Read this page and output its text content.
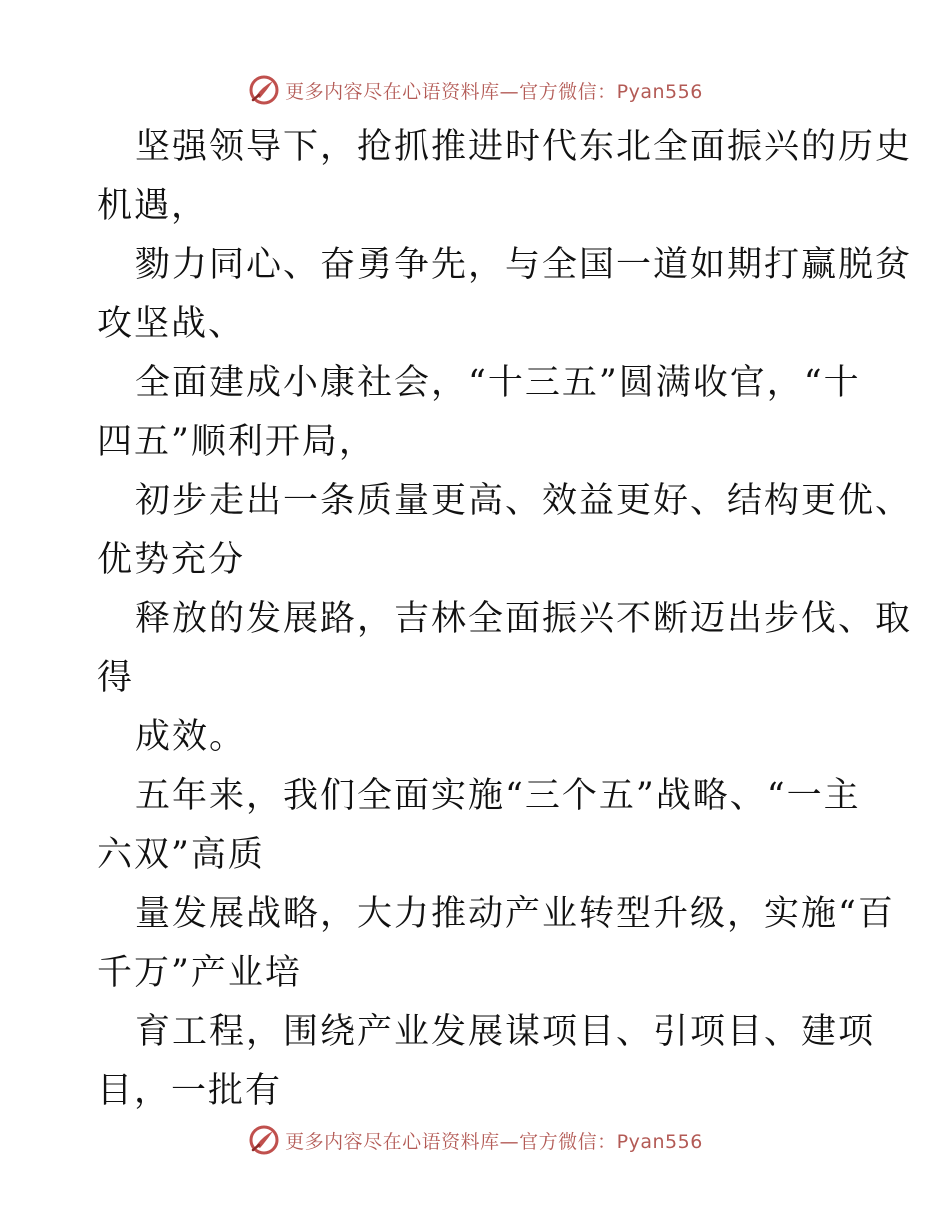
更多内容尽在心语资料库—官方微信：Pyan556
坚强领导下，抢抓推进时代东北全面振兴的历史
机遇，
勠力同心、奋勇争先，与全国一道如期打赢脱贫
攻坚战、
全面建成小康社会，“十三五”圆满收官，“十
四五”顺利开局，
初步走出一条质量更高、效益更好、结构更优、
优势充分
释放的发展路，吉林全面振兴不断迈出步伐、取
得
成效。
五年来，我们全面实施“三个五”战略、“一主
六双”高质
量发展战略，大力推动产业转型升级，实施“百
千万”产业培
育工程，围绕产业发展谋项目、引项目、建项
目，一批有
更多内容尽在心语资料库—官方微信：Pyan556
